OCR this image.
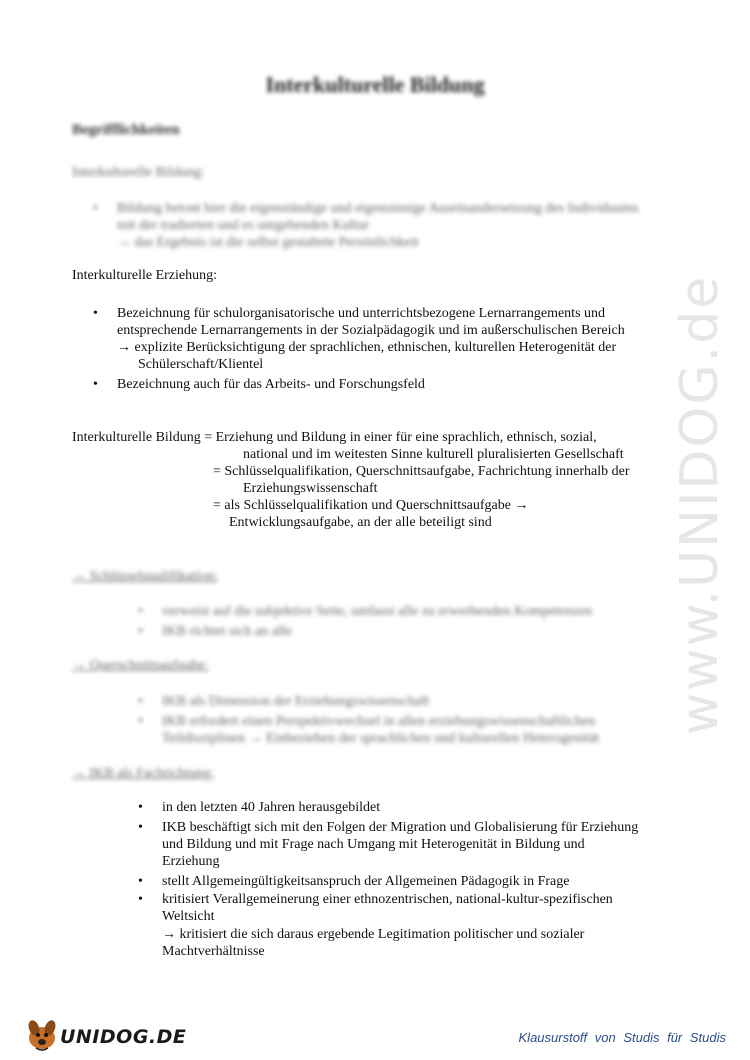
Interkulturelle Bildung
Begrifflichkeiten
Interkulturelle Bildung:
• Bildung betont hier die eigenständige und eigensinnige Auseinandersetzung des Individuums
mit der tradierten und es umgebenden Kultur
→ das Ergebnis ist die selbst gestaltete Persönlichkeit
Interkulturelle Erziehung:
• Bezeichnung für schulorganisatorische und unterrichtsbezogene Lernarrangements und
entsprechende Lernarrangements in der Sozialpädagogik und im außerschulischen Bereich
→ explizite Berücksichtigung der sprachlichen, ethnischen, kulturellen Heterogenität der
Schülerschaft/Klientel
• Bezeichnung auch für das Arbeits- und Forschungsfeld
Interkulturelle Bildung = Erziehung und Bildung in einer für eine sprachlich, ethnisch, sozial,
national und im weitesten Sinne kulturell pluralisierten Gesellschaft
= Schlüsselqualifikation, Querschnittsaufgabe, Fachrichtung innerhalb der
Erziehungswissenschaft
= als Schlüsselqualifikation und Querschnittsaufgabe →
Entwicklungsaufgabe, an der alle beteiligt sind
→ Schlüsselqualifikation:
• verweist auf die subjektive Seite, umfasst alle zu erwerbenden Kompetenzen
• IKB richtet sich an alle
→ Querschnittsaufgabe:
• IKB als Dimension der Erziehungswissenschaft
• IKB erfordert einen Perspektivwechsel in allen erziehungswissenschaftlichen
Teildisziplinen → Einbeziehen der sprachlichen und kulturellen Heterogenität
→ IKB als Fachrichtung:
• in den letzten 40 Jahren herausgebildet
• IKB beschäftigt sich mit den Folgen der Migration und Globalisierung für Erziehung
und Bildung und mit Frage nach Umgang mit Heterogenität in Bildung und
Erziehung
• stellt Allgemeingültigkeitsanspruch der Allgemeinen Pädagogik in Frage
• kritisiert Verallgemeinerung einer ethnozentrischen, national-kultur-spezifischen
Weltsicht
→ kritisiert die sich daraus ergebende Legitimation politischer und sozialer
Machtverhältnisse
www.UNIDOG.de
UNIDOG.DE	Klausurstoff von Studis für Studis
